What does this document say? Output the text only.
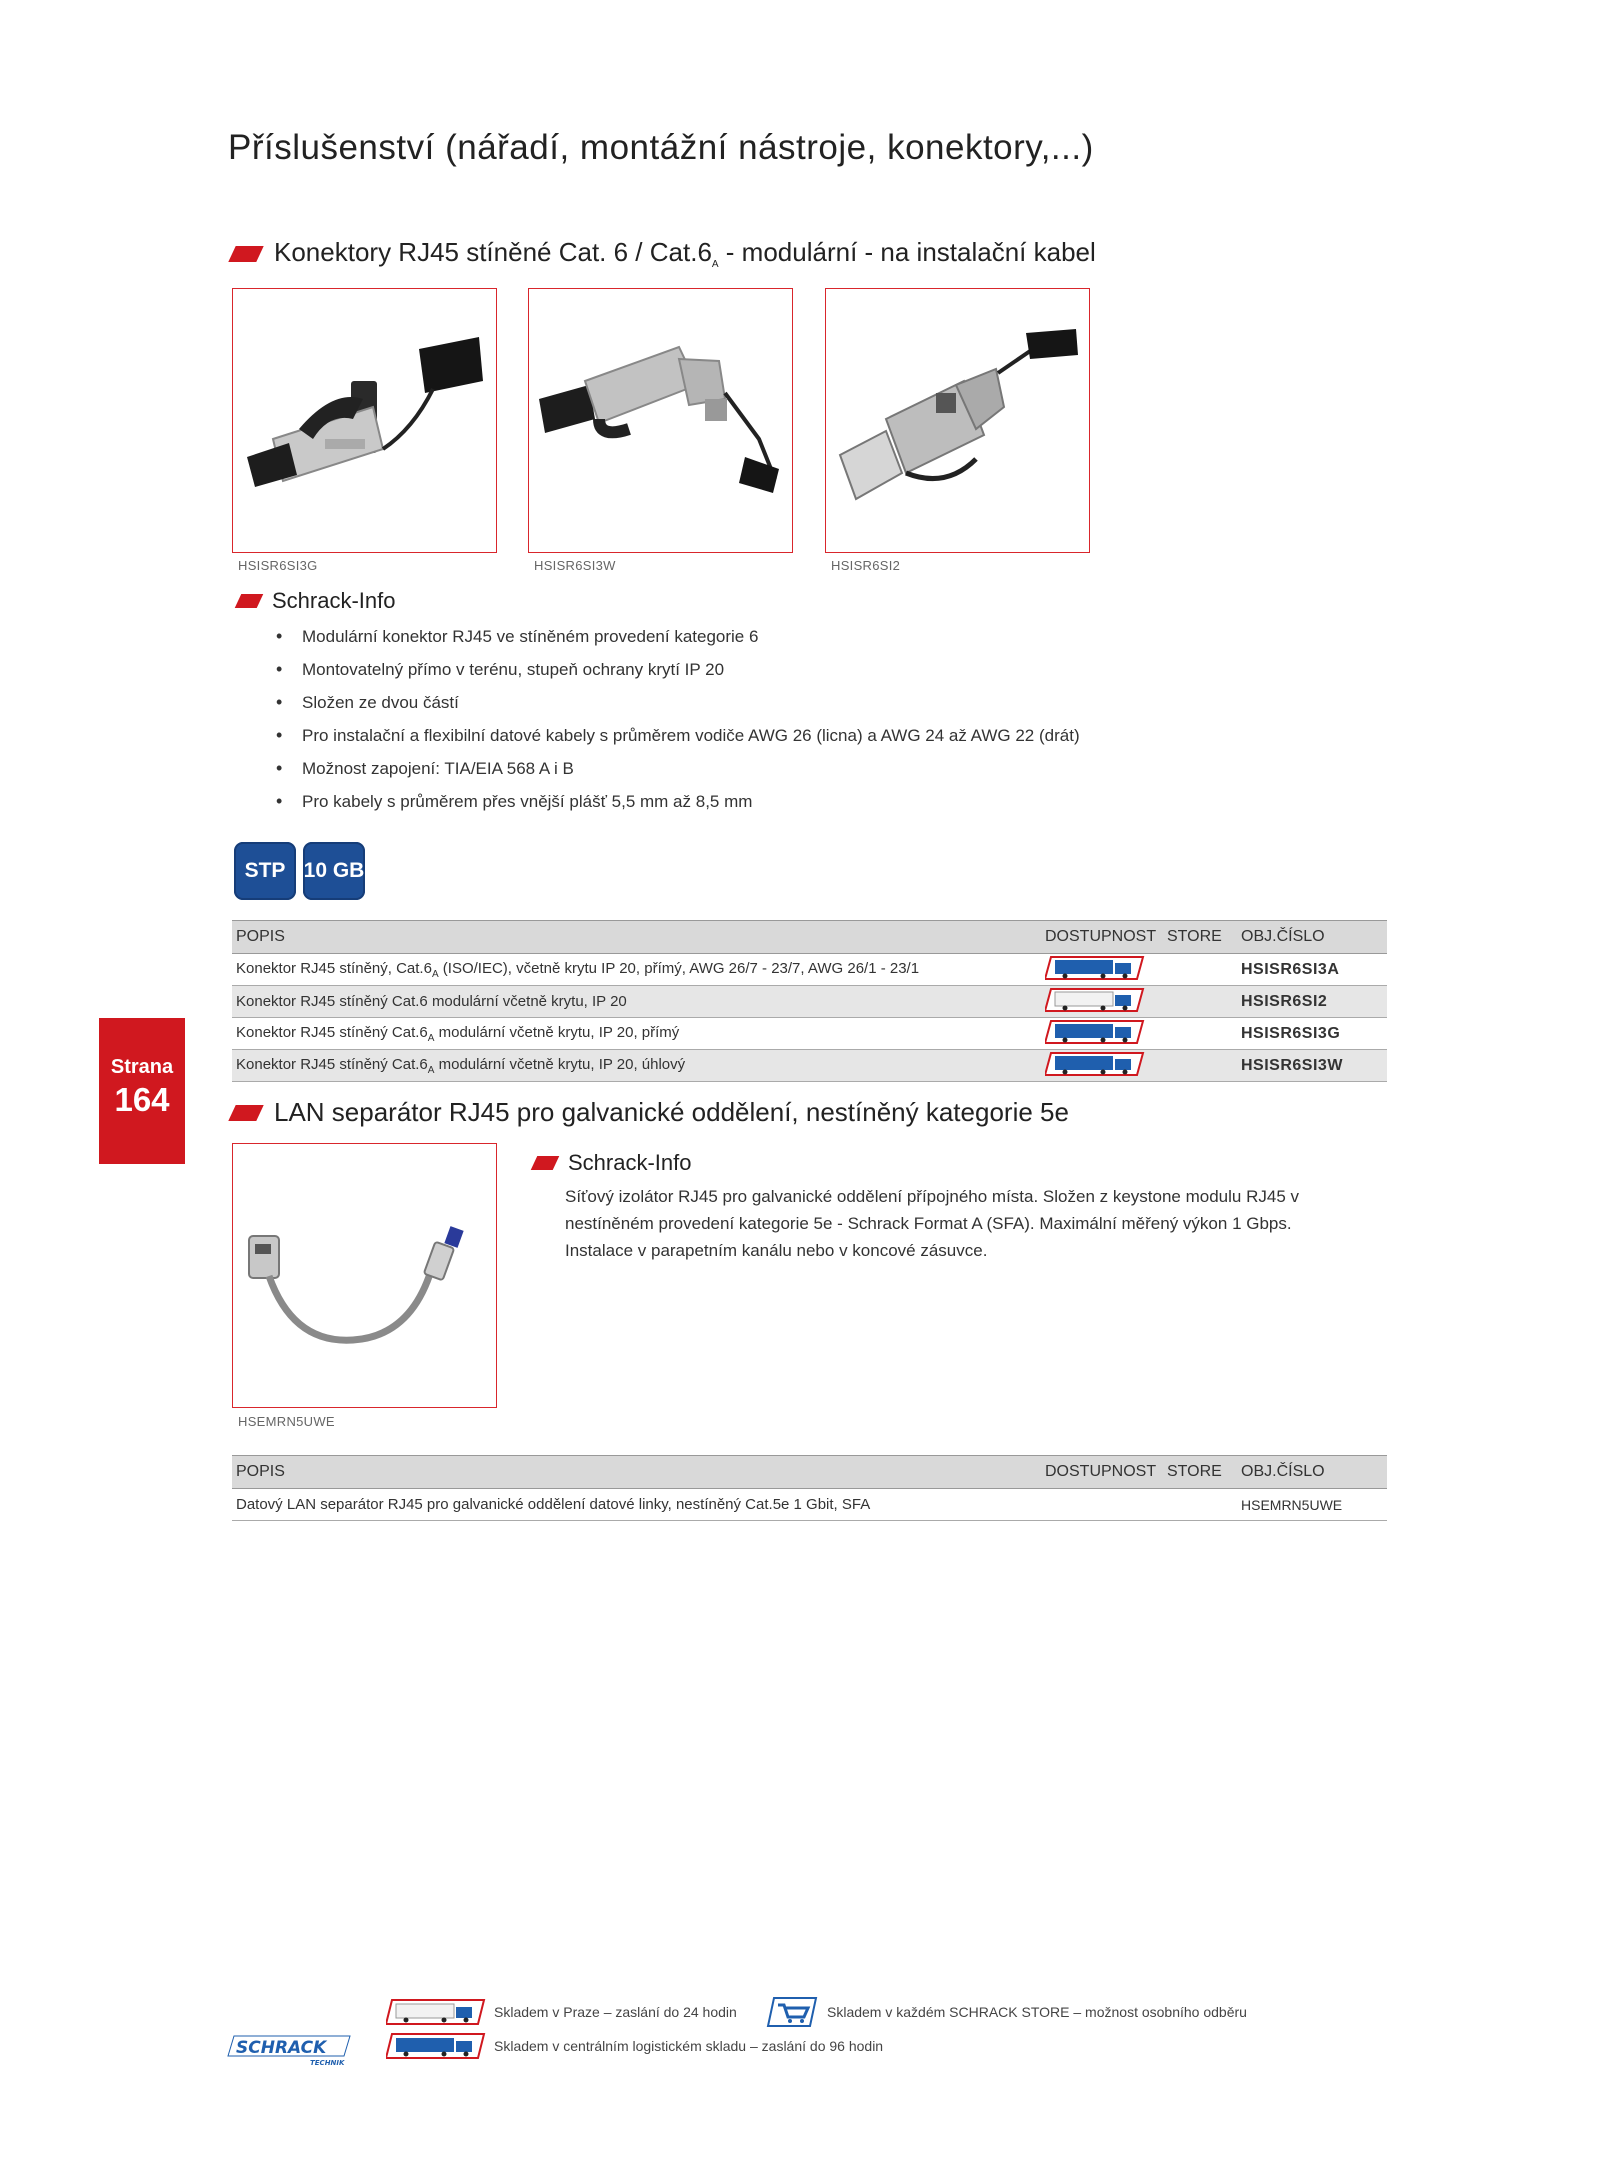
Příslušenství (nářadí, montážní nástroje, konektory,...)
Konektory RJ45 stíněné Cat. $6 / Cat.6_A$ - modulární - na instalační kabel
HSISR6SI3G	HSISR6SI3W	HSISR6SI2
Schrack-Info
• Modulární konektor RJ45 ve stíněném provedení kategorie 6
• Montovatelný přímo v terénu, stupeň ochrany krytí IP 20
• Složen ze dvou částí
• Pro instalační a flexibilní datové kabely s průměrem vodiče AWG 26 (licna) a AWG 24 až AWG 22 (drát)
• Možnost zapojení: TIA/EIA 568 A i B
• Pro kabely s průměrem přes vnější plášť 5,5 mm až 8,5 mm
STP 10 GB
POPIS	DOSTUPNOST	STORE	OBJ.ČÍSLO
Konektor RJ45 stíněný, $Cat.6_A$ (ISO/IEC), včetně krytu IP 20, přímý, AWG 26/7 - 23/7, AWG 26/1 - 23/1			HSISR6SI3A
Konektor RJ45 stíněný Cat.6 modulární včetně krytu, IP 20			HSISR6SI2
Konektor RJ45 stíněný $Cat.6_A$ modulární včetně krytu, IP 20, přímý			HSISR6SI3G
Konektor RJ45 stíněný $Cat.6_A$ modulární včetně krytu, IP 20, úhlový			HSISR6SI3W
Strana
164	LAN separátor RJ45 pro galvanické oddělení, nestíněný kategorie 5e
HSEMRN5UWE
Schrack-Info
Síťový izolátor RJ45 pro galvanické oddělení přípojného místa. Složen z keystone modulu RJ45 v
nestíněném provedení kategorie 5e - Schrack Format A (SFA). Maximální měřený výkon 1 Gbps.
Instalace v parapetním kanálu nebo v koncové zásuvce.
POPIS	DOSTUPNOST	STORE	OBJ.ČÍSLO
Datový LAN separátor RJ45 pro galvanické oddělení datové linky, nestíněný Cat.5e 1 Gbit, SFA			HSEMRN5UWE
SCHRACK
TECHNIK
Skladem v Praze – zaslání do 24 hodin	Skladem v každém SCHRACK STORE – možnost osobního odběru
Skladem v centrálním logistickém skladu – zaslání do 96 hodin
